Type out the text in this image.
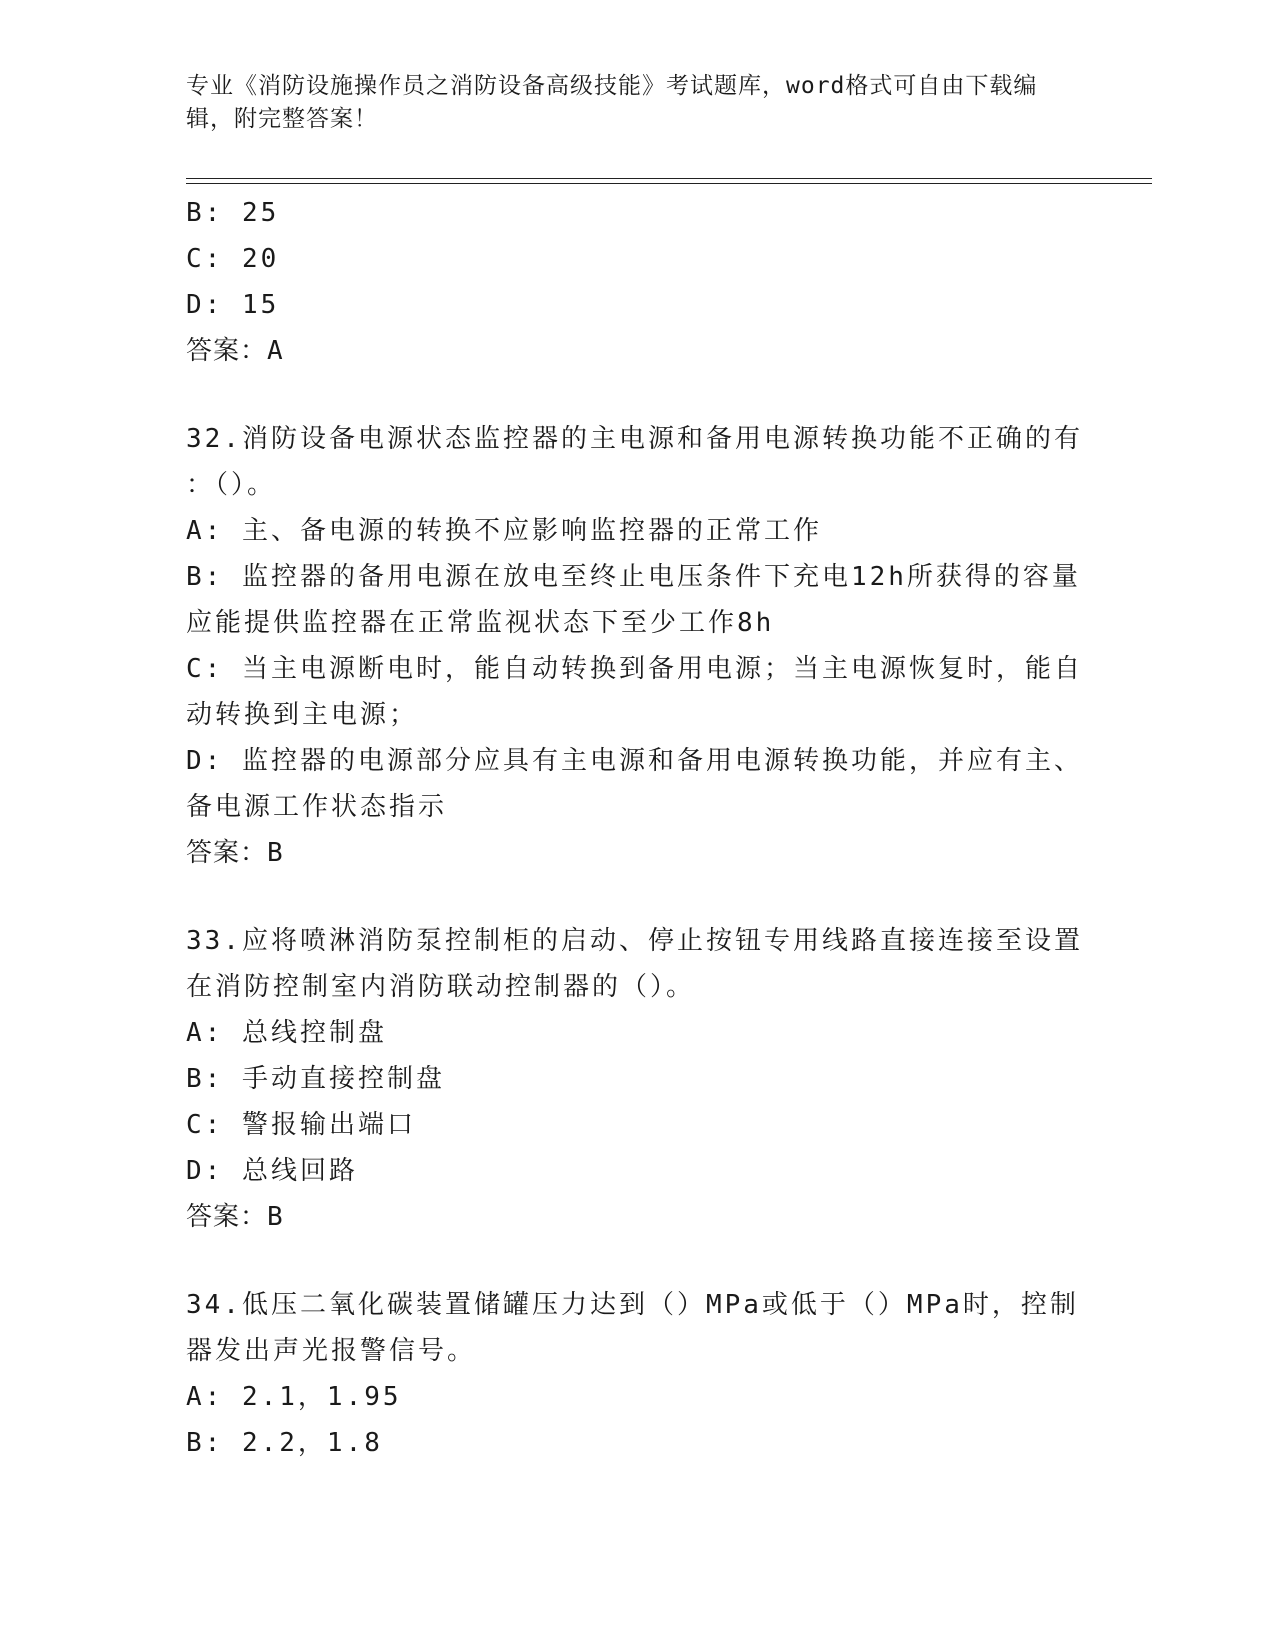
专业《消防设施操作员之消防设备高级技能》考试题库，word格式可自由下载编
辑，附完整答案！
B: 25
C: 20
D: 15
答案：A
32.消防设备电源状态监控器的主电源和备用电源转换功能不正确的有
：（）。
A: 主、备电源的转换不应影响监控器的正常工作
B: 监控器的备用电源在放电至终止电压条件下充电12h所获得的容量
应能提供监控器在正常监视状态下至少工作8h
C: 当主电源断电时，能自动转换到备用电源；当主电源恢复时，能自
动转换到主电源；
D: 监控器的电源部分应具有主电源和备用电源转换功能，并应有主、
备电源工作状态指示
答案：B
33.应将喷淋消防泵控制柜的启动、停止按钮专用线路直接连接至设置
在消防控制室内消防联动控制器的（）。
A: 总线控制盘
B: 手动直接控制盘
C: 警报输出端口
D: 总线回路
答案：B
34.低压二氧化碳装置储罐压力达到（）MPa或低于（）MPa时，控制
器发出声光报警信号。
A: 2.1，1.95
B: 2.2，1.8
